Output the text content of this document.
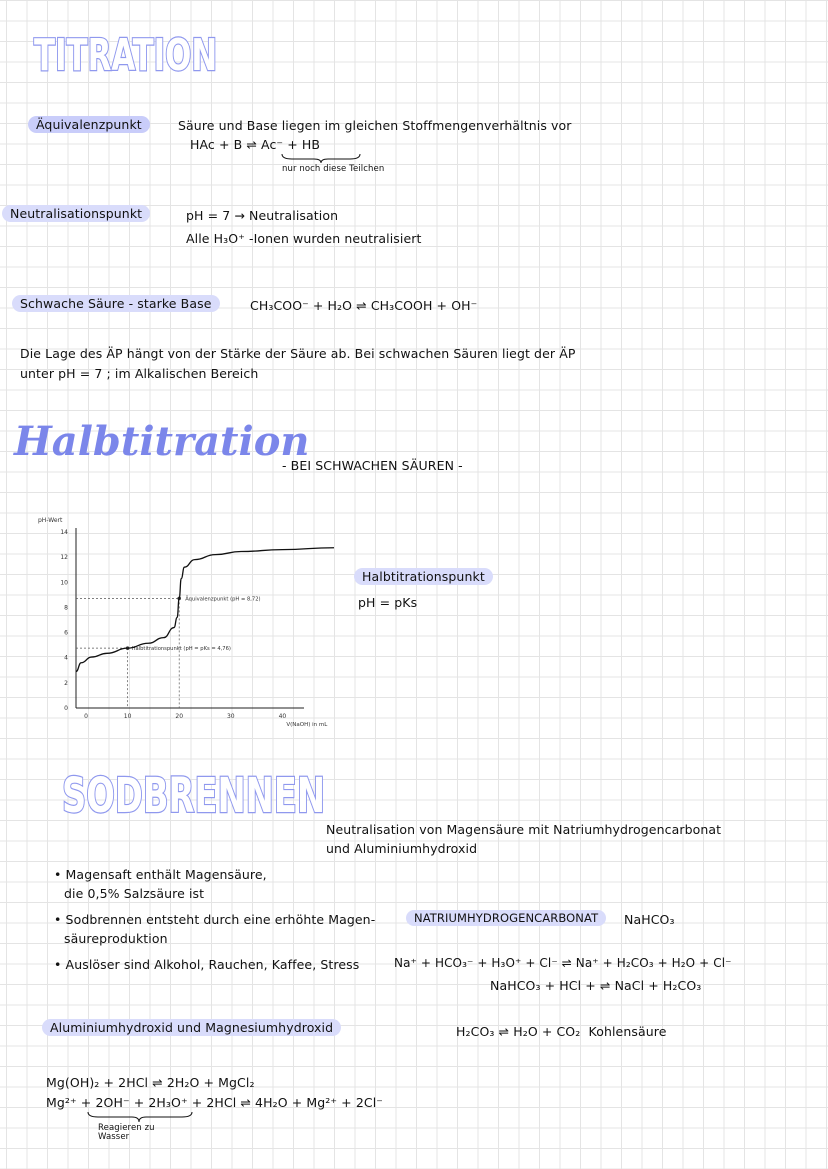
TITRATION
Äquivalenzpunkt	Säure und Base liegen im gleichen Stoffmengenverhältnis vor
HAc + B ⇌ Ac⁻ + HB
nur noch diese Teilchen
Neutralisationspunkt	pH = 7 → Neutralisation
Alle H₃O⁺ -Ionen wurden neutralisiert
Schwache Säure - starke Base	CH₃COO⁻ + H₂O ⇌ CH₃COOH + OH⁻
Die Lage des ÄP hängt von der Stärke der Säure ab. Bei schwachen Säuren liegt der ÄP
unter pH = 7 ; im Alkalischen Bereich
Halbtitration
- BEI SCHWACHEN SÄUREN -
Halbtitrationspunkt
pH = pKs
pH-Wert
0
2
4
6
8
10
12
14
0	10	20	30	40
V(NaOH) in mL
Äquivalenzpunkt (pH = 8,72)
Halbtitrationspunkt (pH = pKs = 4,76)
SODBRENNEN
Neutralisation von Magensäure mit Natriumhydrogencarbonat
und Aluminiumhydroxid
• Magensaft enthält Magensäure,
die 0,5% Salzsäure ist
• Sodbrennen entsteht durch eine erhöhte Magen-
säureproduktion
• Auslöser sind Alkohol, Rauchen, Kaffee, Stress
NATRIUMHYDROGENCARBONAT	NaHCO₃
Na⁺ + HCO₃⁻ + H₃O⁺ + Cl⁻ ⇌ Na⁺ + H₂CO₃ + H₂O + Cl⁻
NaHCO₃ + HCl + ⇌ NaCl + H₂CO₃
Aluminiumhydroxid und Magnesiumhydroxid	H₂CO₃ ⇌ H₂O + CO₂ Kohlensäure
Mg(OH)₂ + 2HCl ⇌ 2H₂O + MgCl₂
Mg²⁺ + 2OH⁻ + 2H₃O⁺ + 2HCl ⇌ 4H₂O + Mg²⁺ + 2Cl⁻
Reagieren zu Wasser
